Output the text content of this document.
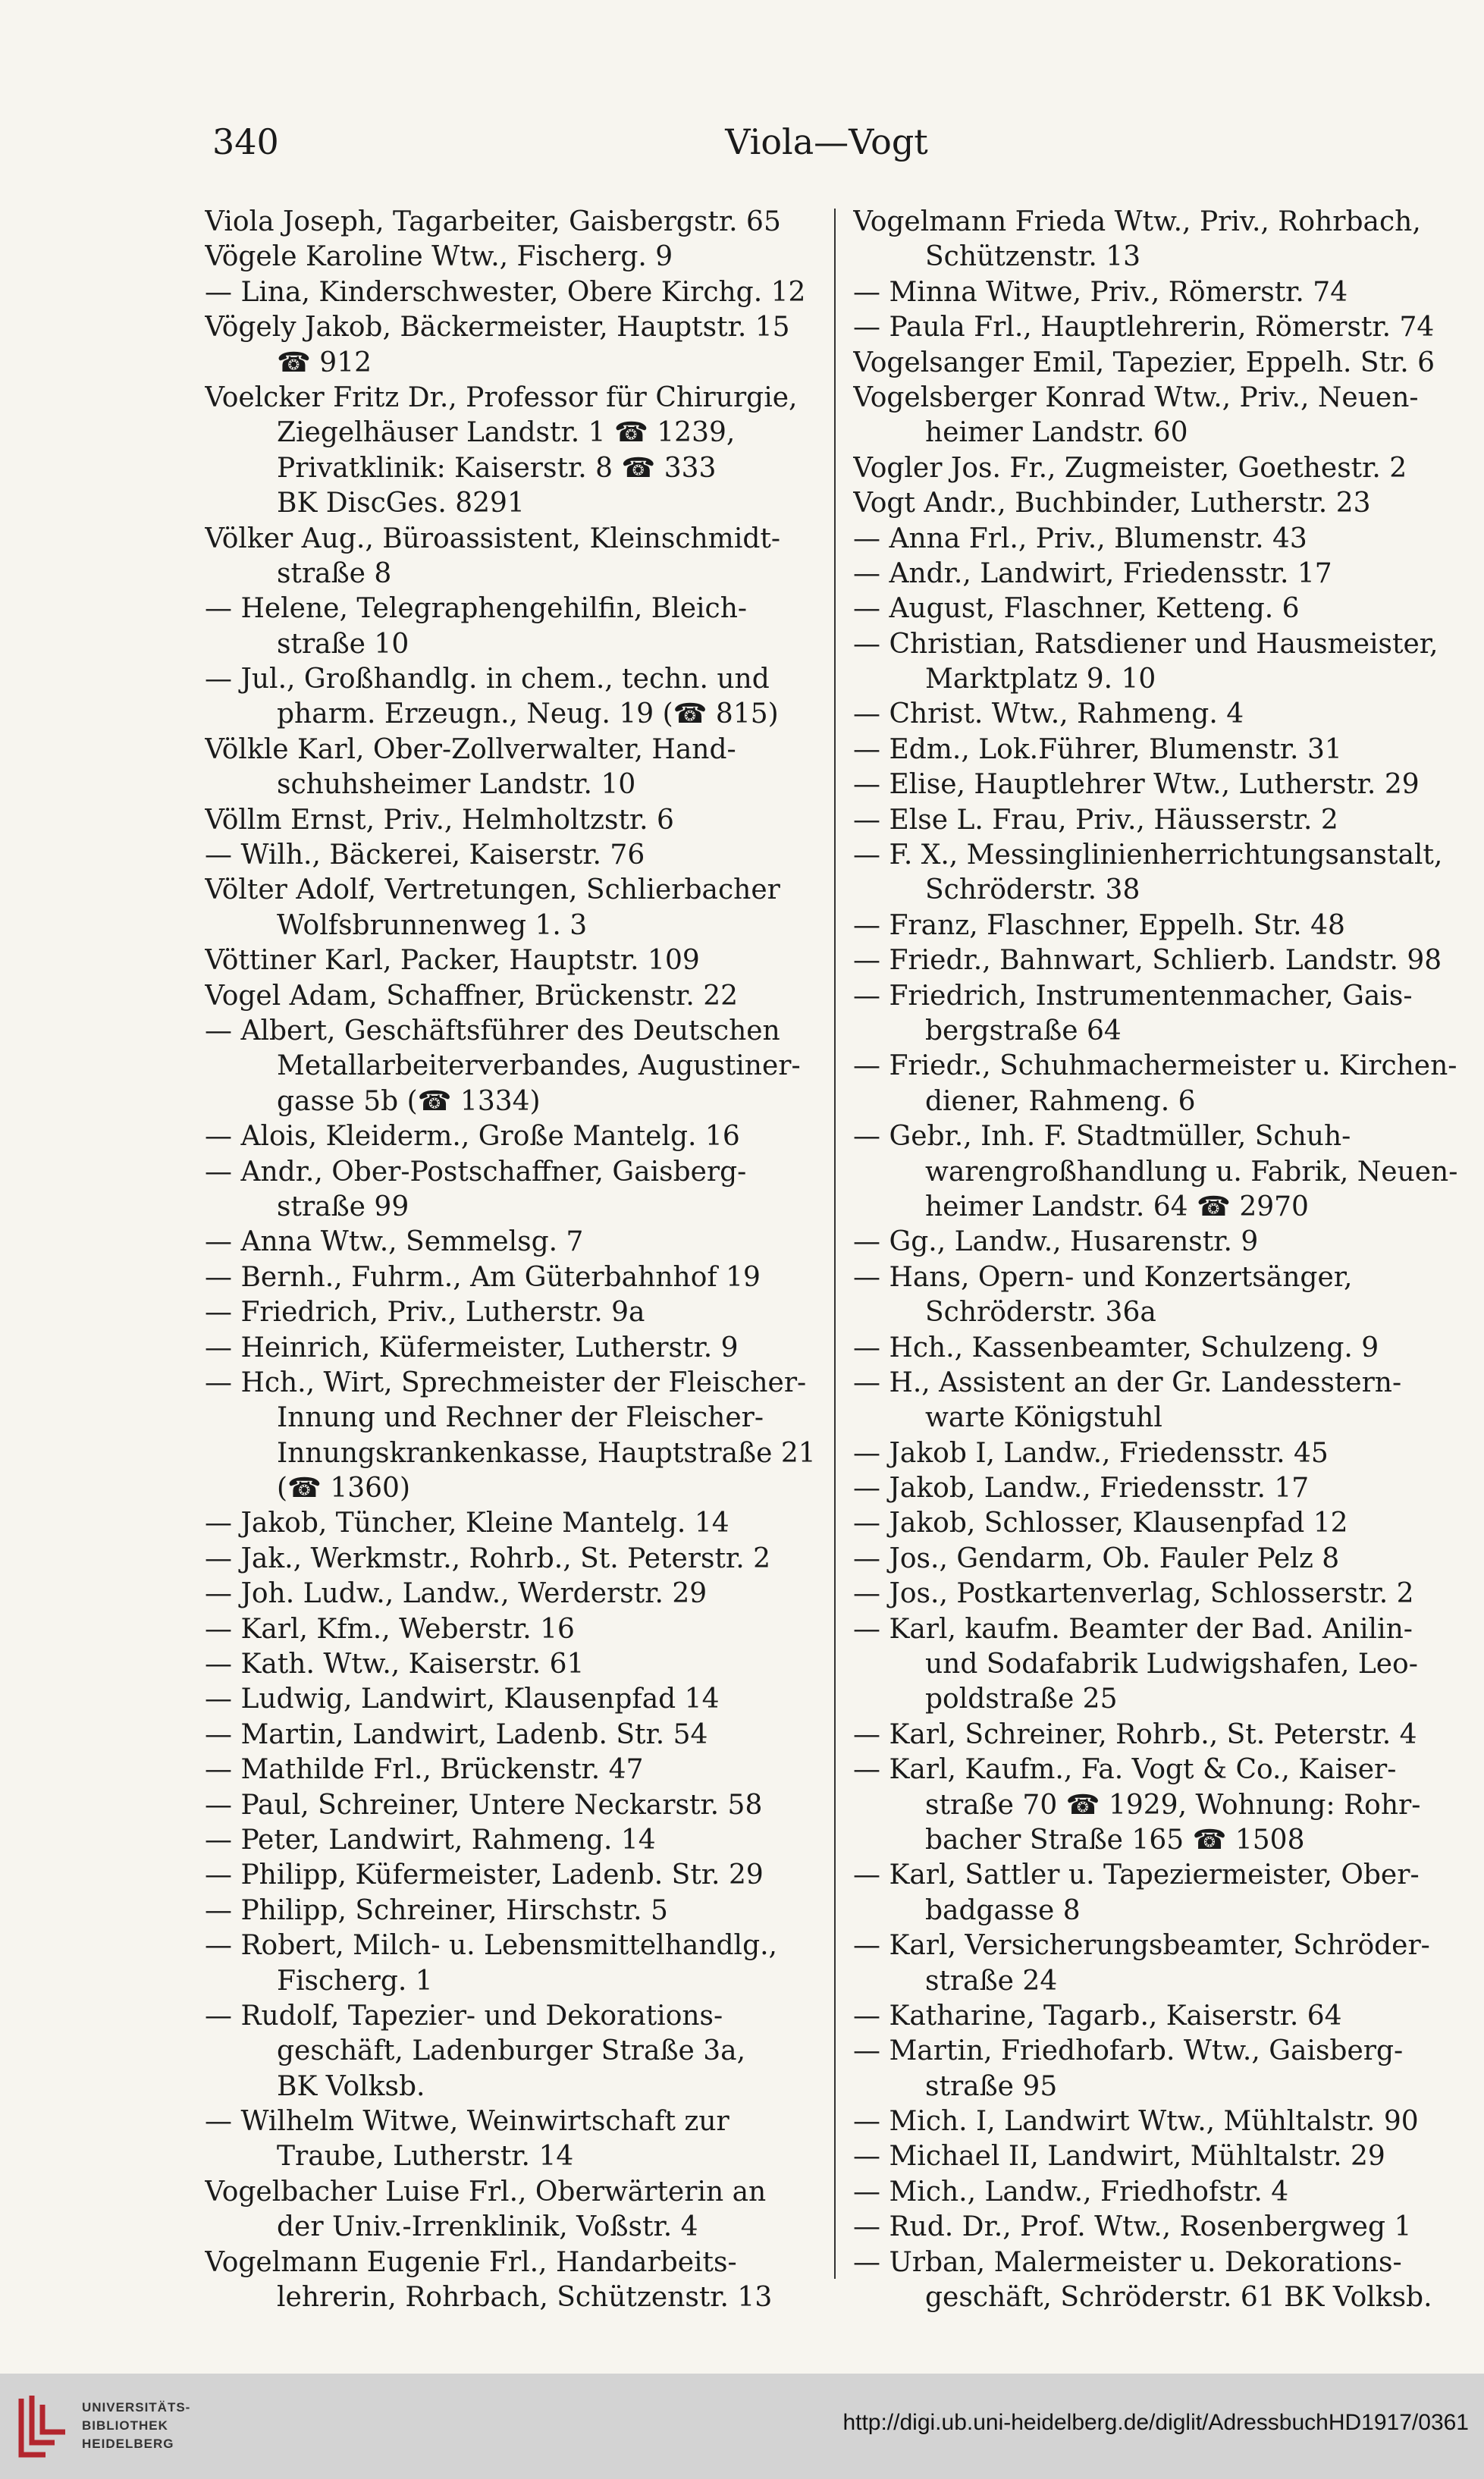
340	Viola—Vogt
Viola Joseph, Tagarbeiter, Gaisbergstr. 65
Vögele Karoline Wtw., Fischerg. 9
— Lina, Kinderschwester, Obere Kirchg. 12
Vögely Jakob, Bäckermeister, Hauptstr. 15
☎ 912
Voelcker Fritz Dr., Professor für Chirurgie,
Ziegelhäuser Landstr. 1 ☎ 1239,
Privatklinik: Kaiserstr. 8 ☎ 333
BK DiscGes. 8291
Völker Aug., Büroassistent, Kleinschmidt-
straße 8
— Helene, Telegraphengehilfin, Bleich-
straße 10
— Jul., Großhandlg. in chem., techn. und
pharm. Erzeugn., Neug. 19 (☎ 815)
Völkle Karl, Ober-Zollverwalter, Hand-
schuhsheimer Landstr. 10
Völlm Ernst, Priv., Helmholtzstr. 6
— Wilh., Bäckerei, Kaiserstr. 76
Völter Adolf, Vertretungen, Schlierbacher
Wolfsbrunnenweg 1. 3
Vöttiner Karl, Packer, Hauptstr. 109
Vogel Adam, Schaffner, Brückenstr. 22
— Albert, Geschäftsführer des Deutschen
Metallarbeiterverbandes, Augustiner-
gasse 5b (☎ 1334)
— Alois, Kleiderm., Große Mantelg. 16
— Andr., Ober-Postschaffner, Gaisberg-
straße 99
— Anna Wtw., Semmelsg. 7
— Bernh., Fuhrm., Am Güterbahnhof 19
— Friedrich, Priv., Lutherstr. 9a
— Heinrich, Küfermeister, Lutherstr. 9
— Hch., Wirt, Sprechmeister der Fleischer-
Innung und Rechner der Fleischer-
Innungskrankenkasse, Hauptstraße 21
(☎ 1360)
— Jakob, Tüncher, Kleine Mantelg. 14
— Jak., Werkmstr., Rohrb., St. Peterstr. 2
— Joh. Ludw., Landw., Werderstr. 29
— Karl, Kfm., Weberstr. 16
— Kath. Wtw., Kaiserstr. 61
— Ludwig, Landwirt, Klausenpfad 14
— Martin, Landwirt, Ladenb. Str. 54
— Mathilde Frl., Brückenstr. 47
— Paul, Schreiner, Untere Neckarstr. 58
— Peter, Landwirt, Rahmeng. 14
— Philipp, Küfermeister, Ladenb. Str. 29
— Philipp, Schreiner, Hirschstr. 5
— Robert, Milch- u. Lebensmittelhandlg.,
Fischerg. 1
— Rudolf, Tapezier- und Dekorations-
geschäft, Ladenburger Straße 3a,
BK Volksb.
— Wilhelm Witwe, Weinwirtschaft zur
Traube, Lutherstr. 14
Vogelbacher Luise Frl., Oberwärterin an
der Univ.-Irrenklinik, Voßstr. 4
Vogelmann Eugenie Frl., Handarbeits-
lehrerin, Rohrbach, Schützenstr. 13
Vogelmann Frieda Wtw., Priv., Rohrbach,
Schützenstr. 13
— Minna Witwe, Priv., Römerstr. 74
— Paula Frl., Hauptlehrerin, Römerstr. 74
Vogelsanger Emil, Tapezier, Eppelh. Str. 6
Vogelsberger Konrad Wtw., Priv., Neuen-
heimer Landstr. 60
Vogler Jos. Fr., Zugmeister, Goethestr. 2
Vogt Andr., Buchbinder, Lutherstr. 23
— Anna Frl., Priv., Blumenstr. 43
— Andr., Landwirt, Friedensstr. 17
— August, Flaschner, Ketteng. 6
— Christian, Ratsdiener und Hausmeister,
Marktplatz 9. 10
— Christ. Wtw., Rahmeng. 4
— Edm., Lok.Führer, Blumenstr. 31
— Elise, Hauptlehrer Wtw., Lutherstr. 29
— Else L. Frau, Priv., Häusserstr. 2
— F. X., Messinglinienherrichtungsanstalt,
Schröderstr. 38
— Franz, Flaschner, Eppelh. Str. 48
— Friedr., Bahnwart, Schlierb. Landstr. 98
— Friedrich, Instrumentenmacher, Gais-
bergstraße 64
— Friedr., Schuhmachermeister u. Kirchen-
diener, Rahmeng. 6
— Gebr., Inh. F. Stadtmüller, Schuh-
warengroßhandlung u. Fabrik, Neuen-
heimer Landstr. 64 ☎ 2970
— Gg., Landw., Husarenstr. 9
— Hans, Opern- und Konzertsänger,
Schröderstr. 36a
— Hch., Kassenbeamter, Schulzeng. 9
— H., Assistent an der Gr. Landesstern-
warte Königstuhl
— Jakob I, Landw., Friedensstr. 45
— Jakob, Landw., Friedensstr. 17
— Jakob, Schlosser, Klausenpfad 12
— Jos., Gendarm, Ob. Fauler Pelz 8
— Jos., Postkartenverlag, Schlosserstr. 2
— Karl, kaufm. Beamter der Bad. Anilin-
und Sodafabrik Ludwigshafen, Leo-
poldstraße 25
— Karl, Schreiner, Rohrb., St. Peterstr. 4
— Karl, Kaufm., Fa. Vogt & Co., Kaiser-
straße 70 ☎ 1929, Wohnung: Rohr-
bacher Straße 165 ☎ 1508
— Karl, Sattler u. Tapeziermeister, Ober-
badgasse 8
— Karl, Versicherungsbeamter, Schröder-
straße 24
— Katharine, Tagarb., Kaiserstr. 64
— Martin, Friedhofarb. Wtw., Gaisberg-
straße 95
— Mich. I, Landwirt Wtw., Mühltalstr. 90
— Michael II, Landwirt, Mühltalstr. 29
— Mich., Landw., Friedhofstr. 4
— Rud. Dr., Prof. Wtw., Rosenbergweg 1
— Urban, Malermeister u. Dekorations-
geschäft, Schröderstr. 61 BK Volksb.
UNIVERSITÄTS-
BIBLIOTHEK
HEIDELBERG
http://digi.ub.uni-heidelberg.de/diglit/AdressbuchHD1917/0361
